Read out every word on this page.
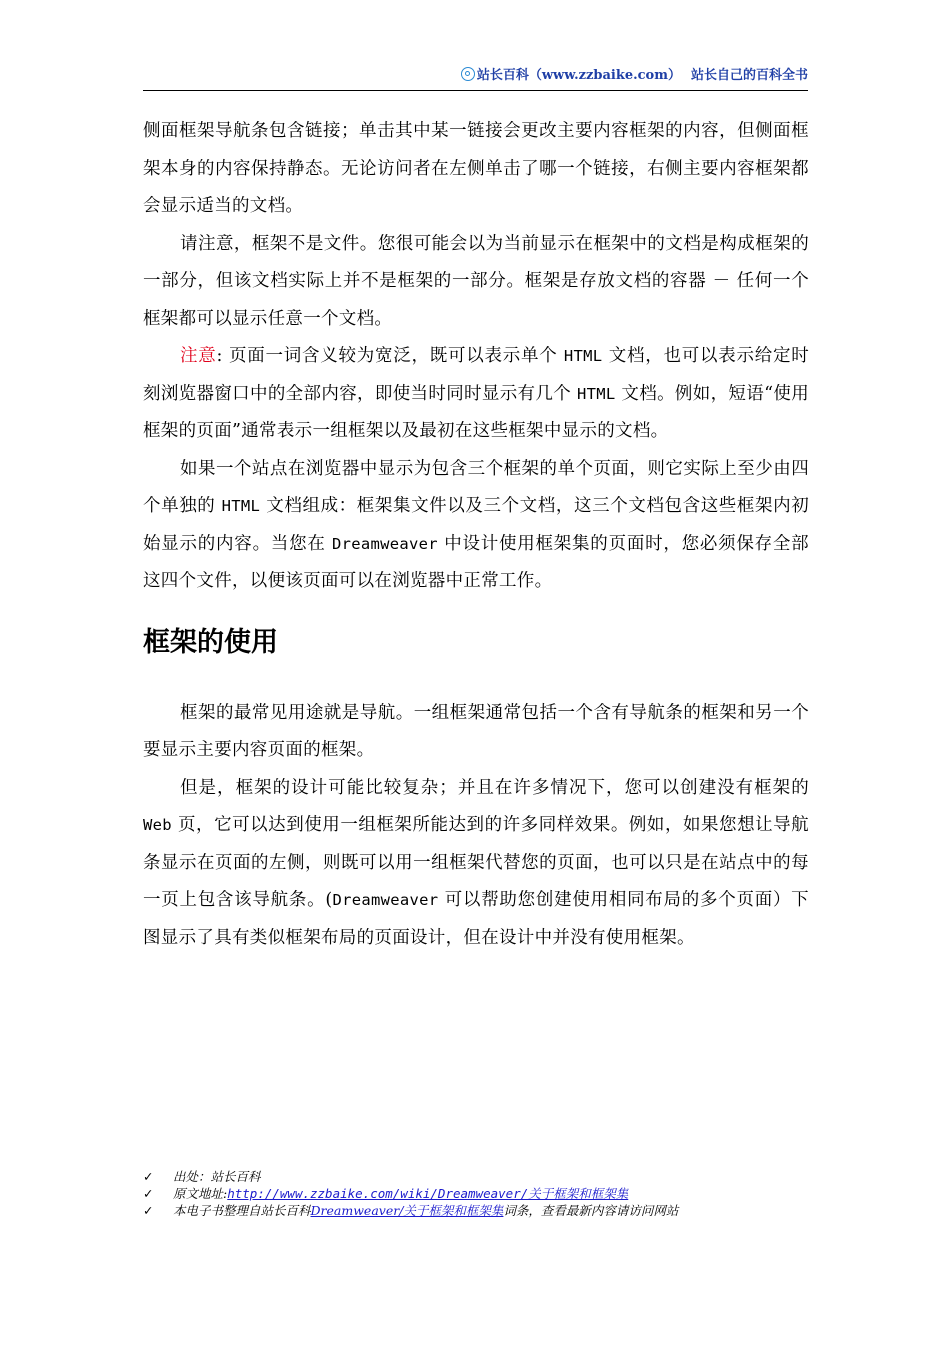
站长百科（www.zzbaike.com） 站长自己的百科全书

侧面框架导航条包含链接；单击其中某一链接会更改主要内容框架的内容，但侧面框架本身的内容保持静态。无论访问者在左侧单击了哪一个链接，右侧主要内容框架都会显示适当的文档。

请注意，框架不是文件。您很可能会以为当前显示在框架中的文档是构成框架的一部分，但该文档实际上并不是框架的一部分。框架是存放文档的容器 － 任何一个框架都可以显示任意一个文档。

注意: 页面一词含义较为宽泛，既可以表示单个 HTML 文档，也可以表示给定时刻浏览器窗口中的全部内容，即使当时同时显示有几个 HTML 文档。例如，短语“使用框架的页面”通常表示一组框架以及最初在这些框架中显示的文档。

如果一个站点在浏览器中显示为包含三个框架的单个页面，则它实际上至少由四个单独的 HTML 文档组成：框架集文件以及三个文档，这三个文档包含这些框架内初始显示的内容。当您在 Dreamweaver 中设计使用框架集的页面时，您必须保存全部这四个文件，以便该页面可以在浏览器中正常工作。

框架的使用

框架的最常见用途就是导航。一组框架通常包括一个含有导航条的框架和另一个要显示主要内容页面的框架。

但是，框架的设计可能比较复杂；并且在许多情况下，您可以创建没有框架的 Web 页，它可以达到使用一组框架所能达到的许多同样效果。例如，如果您想让导航条显示在页面的左侧，则既可以用一组框架代替您的页面，也可以只是在站点中的每一页上包含该导航条。(Dreamweaver 可以帮助您创建使用相同布局的多个页面）下图显示了具有类似框架布局的页面设计，但在设计中并没有使用框架。

✓ 出处：站长百科
✓ 原文地址:http://www.zzbaike.com/wiki/Dreamweaver/关于框架和框架集
✓ 本电子书整理自站长百科Dreamweaver/关于框架和框架集词条，查看最新内容请访问网站
